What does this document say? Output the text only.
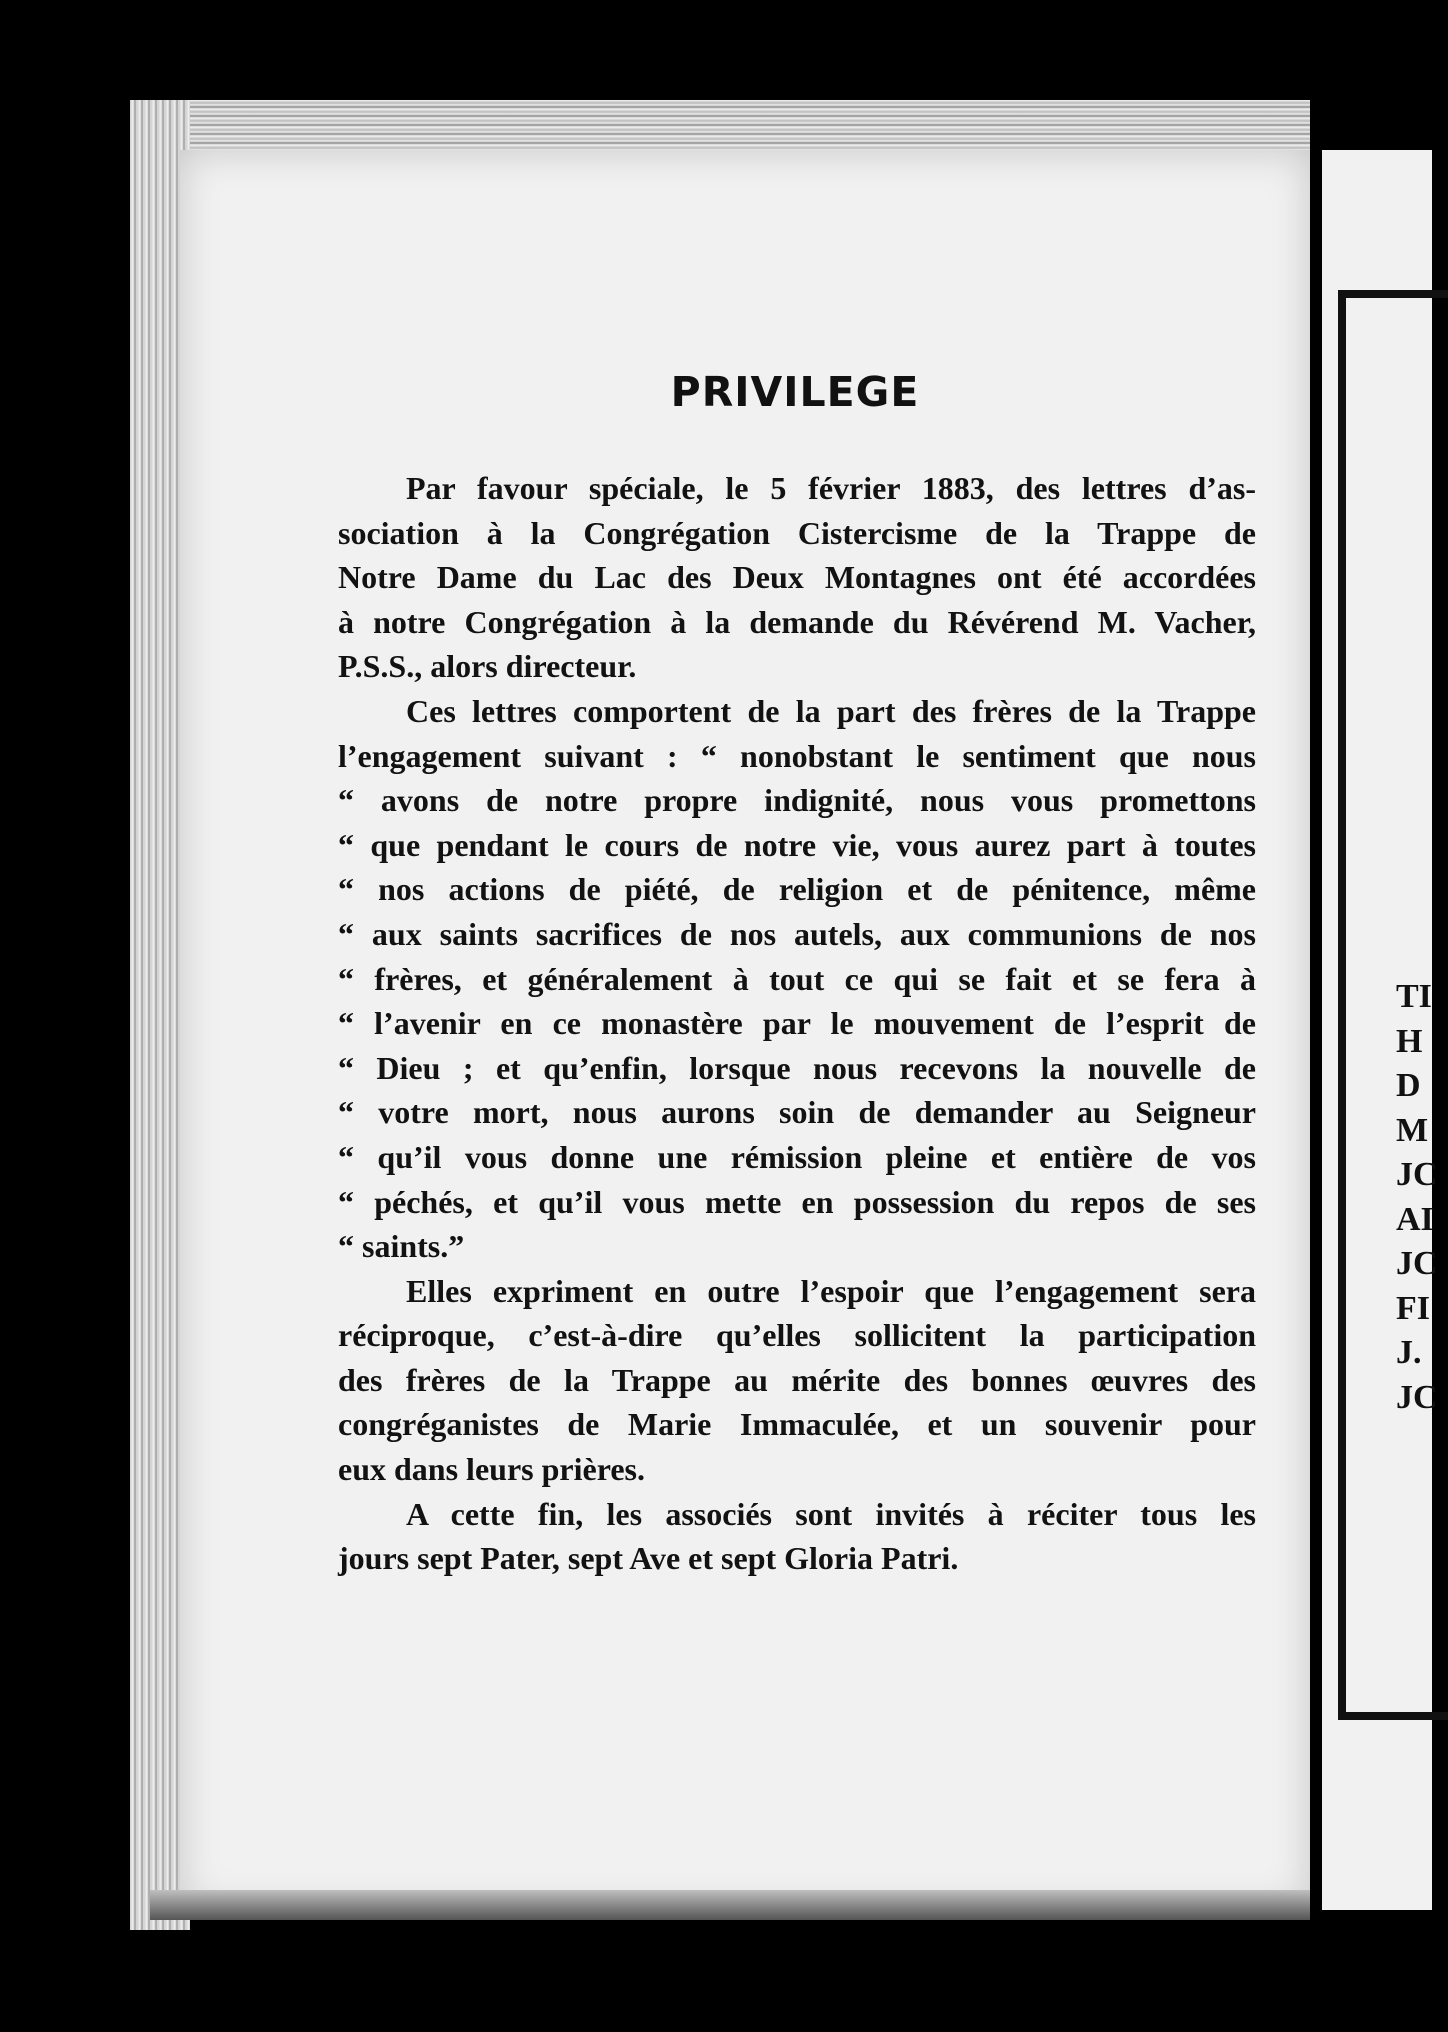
TI
H
D
M
JC
AI
JC
FI
J.
JC
PRIVILEGE
Par favour spéciale, le 5 février 1883, des lettres d’as-
sociation à la Congrégation Cistercisme de la Trappe de
Notre Dame du Lac des Deux Montagnes ont été accordées
à notre Congrégation à la demande du Révérend M. Vacher,
P.S.S., alors directeur.
Ces lettres comportent de la part des frères de la Trappe
l’engagement suivant : “ nonobstant le sentiment que nous
“ avons de notre propre indignité, nous vous promettons
“ que pendant le cours de notre vie, vous aurez part à toutes
“ nos actions de piété, de religion et de pénitence, même
“ aux saints sacrifices de nos autels, aux communions de nos
“ frères, et généralement à tout ce qui se fait et se fera à
“ l’avenir en ce monastère par le mouvement de l’esprit de
“ Dieu ; et qu’enfin, lorsque nous recevons la nouvelle de
“ votre mort, nous aurons soin de demander au Seigneur
“ qu’il vous donne une rémission pleine et entière de vos
“ péchés, et qu’il vous mette en possession du repos de ses
“ saints.”
Elles expriment en outre l’espoir que l’engagement sera
réciproque, c’est-à-dire qu’elles sollicitent la participation
des frères de la Trappe au mérite des bonnes œuvres des
congréganistes de Marie Immaculée, et un souvenir pour
eux dans leurs prières.
A cette fin, les associés sont invités à réciter tous les
jours sept Pater, sept Ave et sept Gloria Patri.
